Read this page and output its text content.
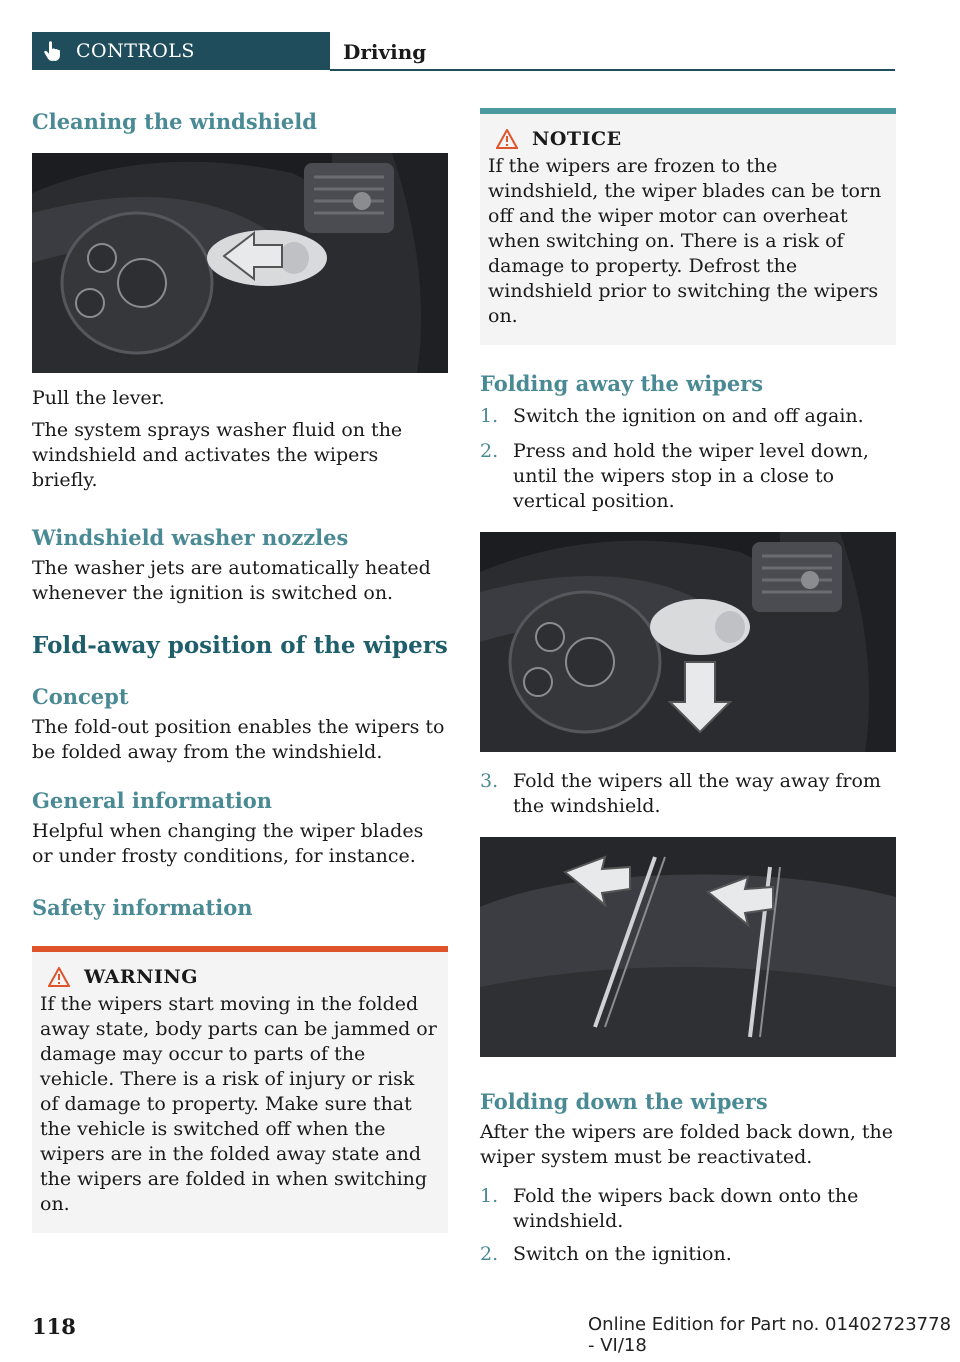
CONTROLS	Driving
Cleaning the windshield

Pull the lever.

The system sprays washer fluid on the windshield and activates the wipers briefly.

Windshield washer nozzles

The washer jets are automatically heated whenever the ignition is switched on.

Fold-away position of the wipers
Concept

The fold-out position enables the wipers to be folded away from the windshield.

General information

Helpful when changing the wiper blades or under frosty conditions, for instance.

Safety information
WARNING

If the wipers start moving in the folded away state, body parts can be jammed or damage may occur to parts of the vehicle. There is a risk of injury or risk of damage to property. Make sure that the vehicle is switched off when the wipers are in the folded away state and the wipers are folded in when switching on.

NOTICE

If the wipers are frozen to the windshield, the wiper blades can be torn off and the wiper motor can overheat when switching on. There is a risk of damage to property. Defrost the windshield prior to switching the wipers on.

Folding away the wipers
1. Switch the ignition on and off again.
2. Press and hold the wiper level down, until the wipers stop in a close to vertical position.
3. Fold the wipers all the way away from the windshield.
Folding down the wipers

After the wipers are folded back down, the wiper system must be reactivated.

1. Fold the wipers back down onto the windshield.
2. Switch on the ignition.
118	Online Edition for Part no. 01402723778 - VI/18
